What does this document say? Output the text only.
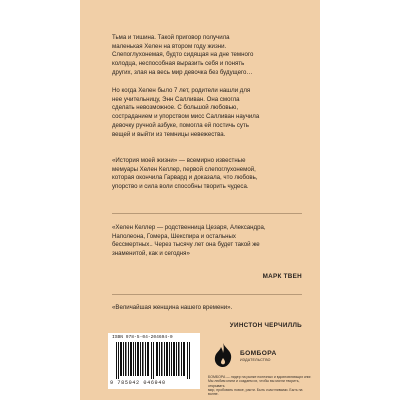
Тьма и тишина. Такой приговор получила
маленькая Хелен на втором году жизни.
Слепоглухонемая, будто сидящая на дне темного
колодца, неспособная выразить себя и понять
других, злая на весь мир девочка без будущего…

Но когда Хелен было 7 лет, родители нашли для
нее учительницу, Энн Салливан. Она смогла
сделать невозможное. С большой любовью,
состраданием и упорством мисс Салливан научила
девочку ручной азбуке, помогла ей постичь суть
вещей и выйти из темницы невежества.

«История моей жизни» — всемирно известные
мемуары Хелен Келлер, первой слепоглухонемой,
которая окончила Гарвард и доказала, что любовь,
упорство и сила воли способны творить чудеса.

«Хелен Келлер — родственница Цезаря, Александра,
Наполеона, Гомера, Шекспира и остальных
бессмертных.. Через тысячу лет она будет такой же
знаменитой, как и сегодня»

МАРК ТВЕН

«Величайшая женщина нашего времени».

УИНСТОН ЧЕРЧИЛЛЬ
ISBN 978-5-04-204694-0
9 785042 046940
БОМБОРА
ИЗДАТЕЛЬСТВО

БОМБОРА — лидер на рынке полезных и вдохновляющих книг.
Мы любим книги и создаем их, чтобы вы могли творить, открывать
мир, пробовать новое, расти. Быть счастливыми. Быть на волне.
